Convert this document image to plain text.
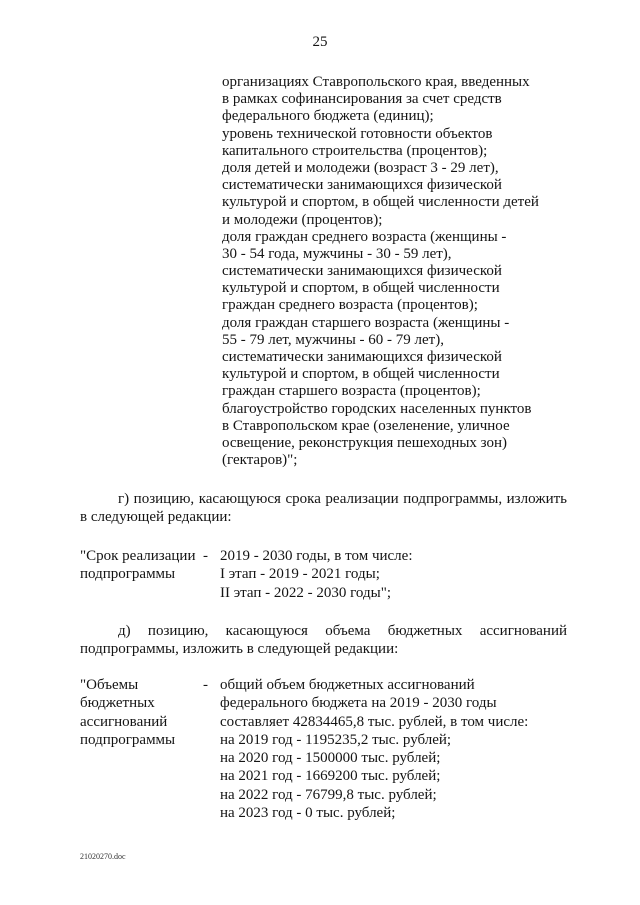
25
организациях Ставропольского края, введенных
в рамках софинансирования за счет средств
федерального бюджета (единиц);
уровень технической готовности объектов
капитального строительства (процентов);
доля детей и молодежи (возраст 3 - 29 лет),
систематически занимающихся физической
культурой и спортом, в общей численности детей
и молодежи (процентов);
доля граждан среднего возраста (женщины -
30 - 54 года, мужчины - 30 - 59 лет),
систематически занимающихся физической
культурой и спортом, в общей численности
граждан среднего возраста (процентов);
доля граждан старшего возраста (женщины -
55 - 79 лет, мужчины - 60 - 79 лет),
систематически занимающихся физической
культурой и спортом, в общей численности
граждан старшего возраста (процентов);
благоустройство городских населенных пунктов
в Ставропольском крае (озеленение, уличное
освещение, реконструкция пешеходных зон)
(гектаров)";
г) позицию, касающуюся срока реализации подпрограммы, изложить
в следующей редакции:
"Срок реализации
подпрограммы
- 2019 - 2030 годы, в том числе:
I этап - 2019 - 2021 годы;
II этап - 2022 - 2030 годы";
д) позицию, касающуюся объема бюджетных ассигнований
подпрограммы, изложить в следующей редакции:
"Объемы
бюджетных
ассигнований
подпрограммы
- общий объем бюджетных ассигнований
федерального бюджета на 2019 - 2030 годы
составляет 42834465,8 тыс. рублей, в том числе:
на 2019 год - 1195235,2 тыс. рублей;
на 2020 год - 1500000 тыс. рублей;
на 2021 год - 1669200 тыс. рублей;
на 2022 год - 76799,8 тыс. рублей;
на 2023 год - 0 тыс. рублей;
21020270.doc
